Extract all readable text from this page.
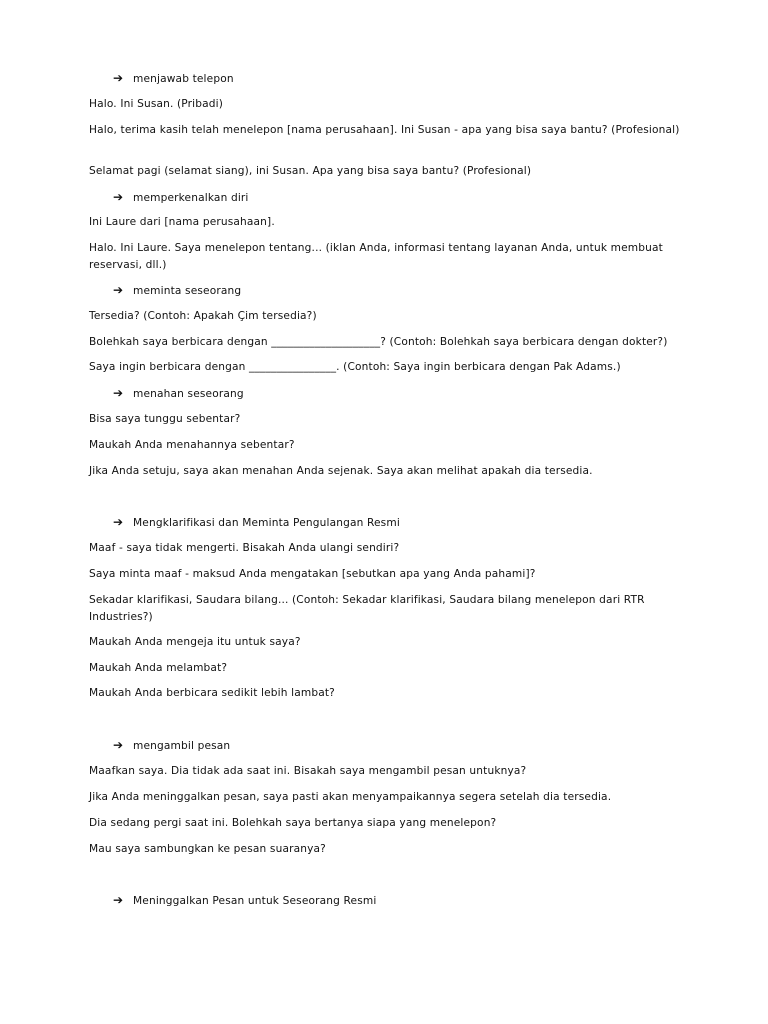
➔ menjawab telepon
Halo. Ini Susan. (Pribadi)
Halo, terima kasih telah menelepon [nama perusahaan]. Ini Susan - apa yang bisa saya bantu? (Profesional)
Selamat pagi (selamat siang), ini Susan. Apa yang bisa saya bantu? (Profesional)
➔ memperkenalkan diri
Ini Laure dari [nama perusahaan].
Halo. Ini Laure. Saya menelepon tentang... (iklan Anda, informasi tentang layanan Anda, untuk membuat reservasi, dll.)
➔ meminta seseorang
Tersedia? (Contoh: Apakah Çim tersedia?)
Bolehkah saya berbicara dengan ____________________? (Contoh: Bolehkah saya berbicara dengan dokter?)
Saya ingin berbicara dengan ________________. (Contoh: Saya ingin berbicara dengan Pak Adams.)
➔ menahan seseorang
Bisa saya tunggu sebentar?
Maukah Anda menahannya sebentar?
Jika Anda setuju, saya akan menahan Anda sejenak. Saya akan melihat apakah dia tersedia.
➔ Mengklarifikasi dan Meminta Pengulangan Resmi
Maaf - saya tidak mengerti. Bisakah Anda ulangi sendiri?
Saya minta maaf - maksud Anda mengatakan [sebutkan apa yang Anda pahami]?
Sekadar klarifikasi, Saudara bilang... (Contoh: Sekadar klarifikasi, Saudara bilang menelepon dari RTR Industries?)
Maukah Anda mengeja itu untuk saya?
Maukah Anda melambat?
Maukah Anda berbicara sedikit lebih lambat?
➔ mengambil pesan
Maafkan saya. Dia tidak ada saat ini. Bisakah saya mengambil pesan untuknya?
Jika Anda meninggalkan pesan, saya pasti akan menyampaikannya segera setelah dia tersedia.
Dia sedang pergi saat ini. Bolehkah saya bertanya siapa yang menelepon?
Mau saya sambungkan ke pesan suaranya?
➔ Meninggalkan Pesan untuk Seseorang Resmi
